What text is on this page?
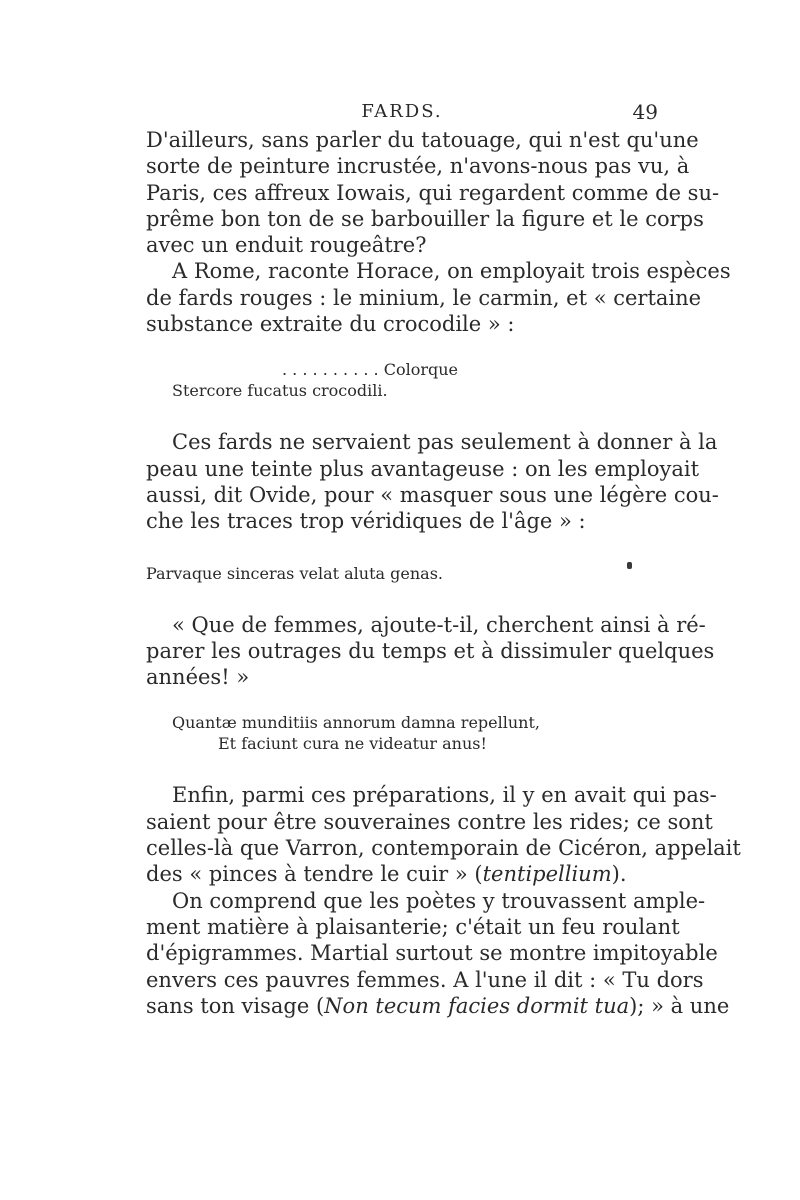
FARDS.	49
D'ailleurs, sans parler du tatouage, qui n'est qu'une
sorte de peinture incrustée, n'avons-nous pas vu, à
Paris, ces affreux Iowais, qui regardent comme de su-
prême bon ton de se barbouiller la figure et le corps
avec un enduit rougeâtre?
A Rome, raconte Horace, on employait trois espèces
de fards rouges : le minium, le carmin, et « certaine
substance extraite du crocodile » :
. . . . . . . . . . Colorque
Stercore fucatus crocodili.
Ces fards ne servaient pas seulement à donner à la
peau une teinte plus avantageuse : on les employait
aussi, dit Ovide, pour « masquer sous une légère cou-
che les traces trop véridiques de l'âge » :
Parvaque sinceras velat aluta genas.
« Que de femmes, ajoute-t-il, cherchent ainsi à ré-
parer les outrages du temps et à dissimuler quelques
années! »
Quantæ munditiis annorum damna repellunt,
Et faciunt cura ne videatur anus!
Enfin, parmi ces préparations, il y en avait qui pas-
saient pour être souveraines contre les rides; ce sont
celles-là que Varron, contemporain de Cicéron, appelait
des « pinces à tendre le cuir » (tentipellium).
On comprend que les poètes y trouvassent ample-
ment matière à plaisanterie; c'était un feu roulant
d'épigrammes. Martial surtout se montre impitoyable
envers ces pauvres femmes. A l'une il dit : « Tu dors
sans ton visage (Non tecum facies dormit tua); » à une
